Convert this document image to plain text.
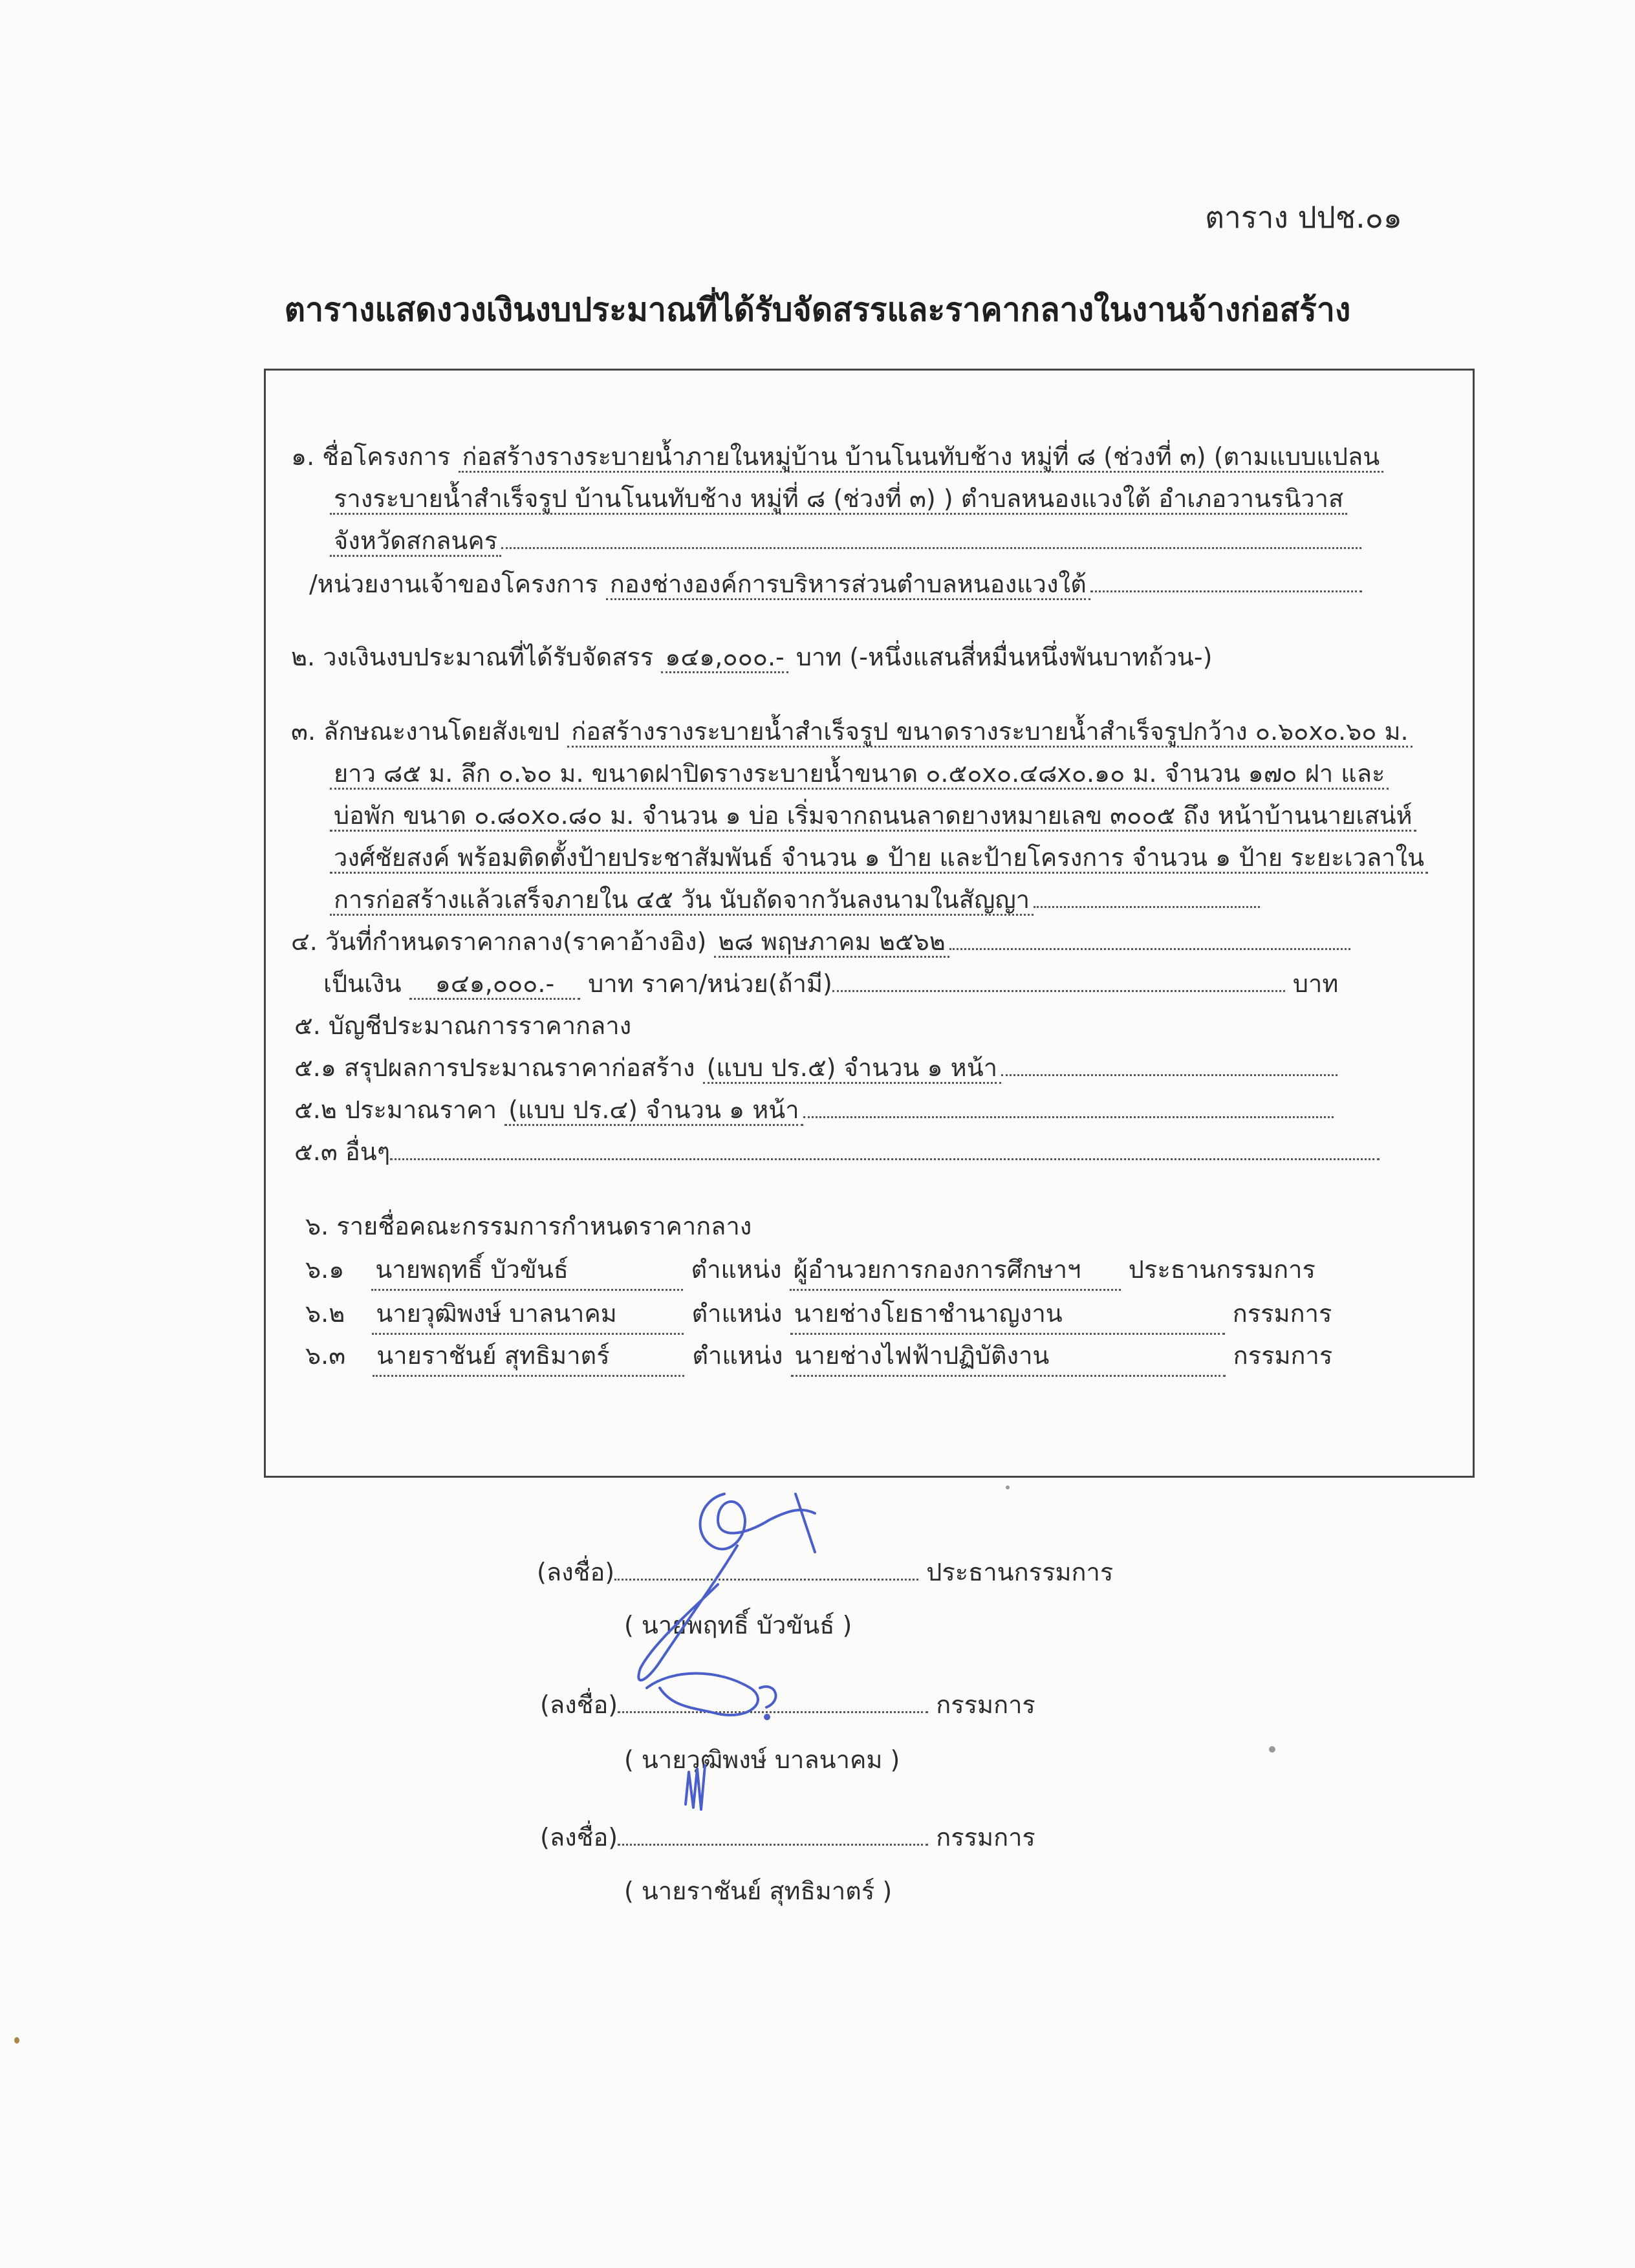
ตาราง ปปช.๐๑
ตารางแสดงวงเงินงบประมาณที่ได้รับจัดสรรและราคากลางในงานจ้างก่อสร้าง
๑. ชื่อโครงการ ก่อสร้างรางระบายน้ำภายในหมู่บ้าน บ้านโนนทับช้าง หมู่ที่ ๘ (ช่วงที่ ๓) (ตามแบบแปลน
รางระบายน้ำสำเร็จรูป บ้านโนนทับช้าง หมู่ที่ ๘ (ช่วงที่ ๓) ) ตำบลหนองแวงใต้ อำเภอวานรนิวาส
จังหวัดสกลนคร
/หน่วยงานเจ้าของโครงการ กองช่างองค์การบริหารส่วนตำบลหนองแวงใต้
๒. วงเงินงบประมาณที่ได้รับจัดสรร ๑๔๑,๐๐๐.- บาท (-หนึ่งแสนสี่หมื่นหนึ่งพันบาทถ้วน-)
๓. ลักษณะงานโดยสังเขป ก่อสร้างรางระบายน้ำสำเร็จรูป ขนาดรางระบายน้ำสำเร็จรูปกว้าง ๐.๖๐x๐.๖๐ ม.
ยาว ๘๕ ม. ลึก ๐.๖๐ ม. ขนาดฝาปิดรางระบายน้ำขนาด ๐.๕๐x๐.๔๘x๐.๑๐ ม. จำนวน ๑๗๐ ฝา และ
บ่อพัก ขนาด ๐.๘๐x๐.๘๐ ม. จำนวน ๑ บ่อ เริ่มจากถนนลาดยางหมายเลข ๓๐๐๕ ถึง หน้าบ้านนายเสน่ห์
วงศ์ชัยสงค์ พร้อมติดตั้งป้ายประชาสัมพันธ์ จำนวน ๑ ป้าย และป้ายโครงการ จำนวน ๑ ป้าย ระยะเวลาใน
การก่อสร้างแล้วเสร็จภายใน ๔๕ วัน นับถัดจากวันลงนามในสัญญา
๔. วันที่กำหนดราคากลาง(ราคาอ้างอิง) ๒๘ พฤษภาคม ๒๕๖๒
เป็นเงิน ๑๔๑,๐๐๐.- บาท ราคา/หน่วย(ถ้ามี)	บาท
๕. บัญชีประมาณการราคากลาง
๕.๑ สรุปผลการประมาณราคาก่อสร้าง (แบบ ปร.๕) จำนวน ๑ หน้า
๕.๒ ประมาณราคา (แบบ ปร.๔) จำนวน ๑ หน้า
๕.๓ อื่นๆ
๖. รายชื่อคณะกรรมการกำหนดราคากลาง
๖.๑ นายพฤทธิ์ บัวขันธ์	ตำแหน่ง ผู้อำนวยการกองการศึกษาฯ ประธานกรรมการ
๖.๒ นายวุฒิพงษ์ บาลนาคม	ตำแหน่ง นายช่างโยธาชำนาญงาน	กรรมการ
๖.๓ นายราชันย์ สุทธิมาตร์	ตำแหน่ง นายช่างไฟฟ้าปฏิบัติงาน	กรรมการ
(ลงชื่อ)	ประธานกรรมการ
( นายพฤทธิ์ บัวขันธ์ )
(ลงชื่อ)	กรรมการ
( นายวุฒิพงษ์ บาลนาคม )
(ลงชื่อ)	กรรมการ
( นายราชันย์ สุทธิมาตร์ )
